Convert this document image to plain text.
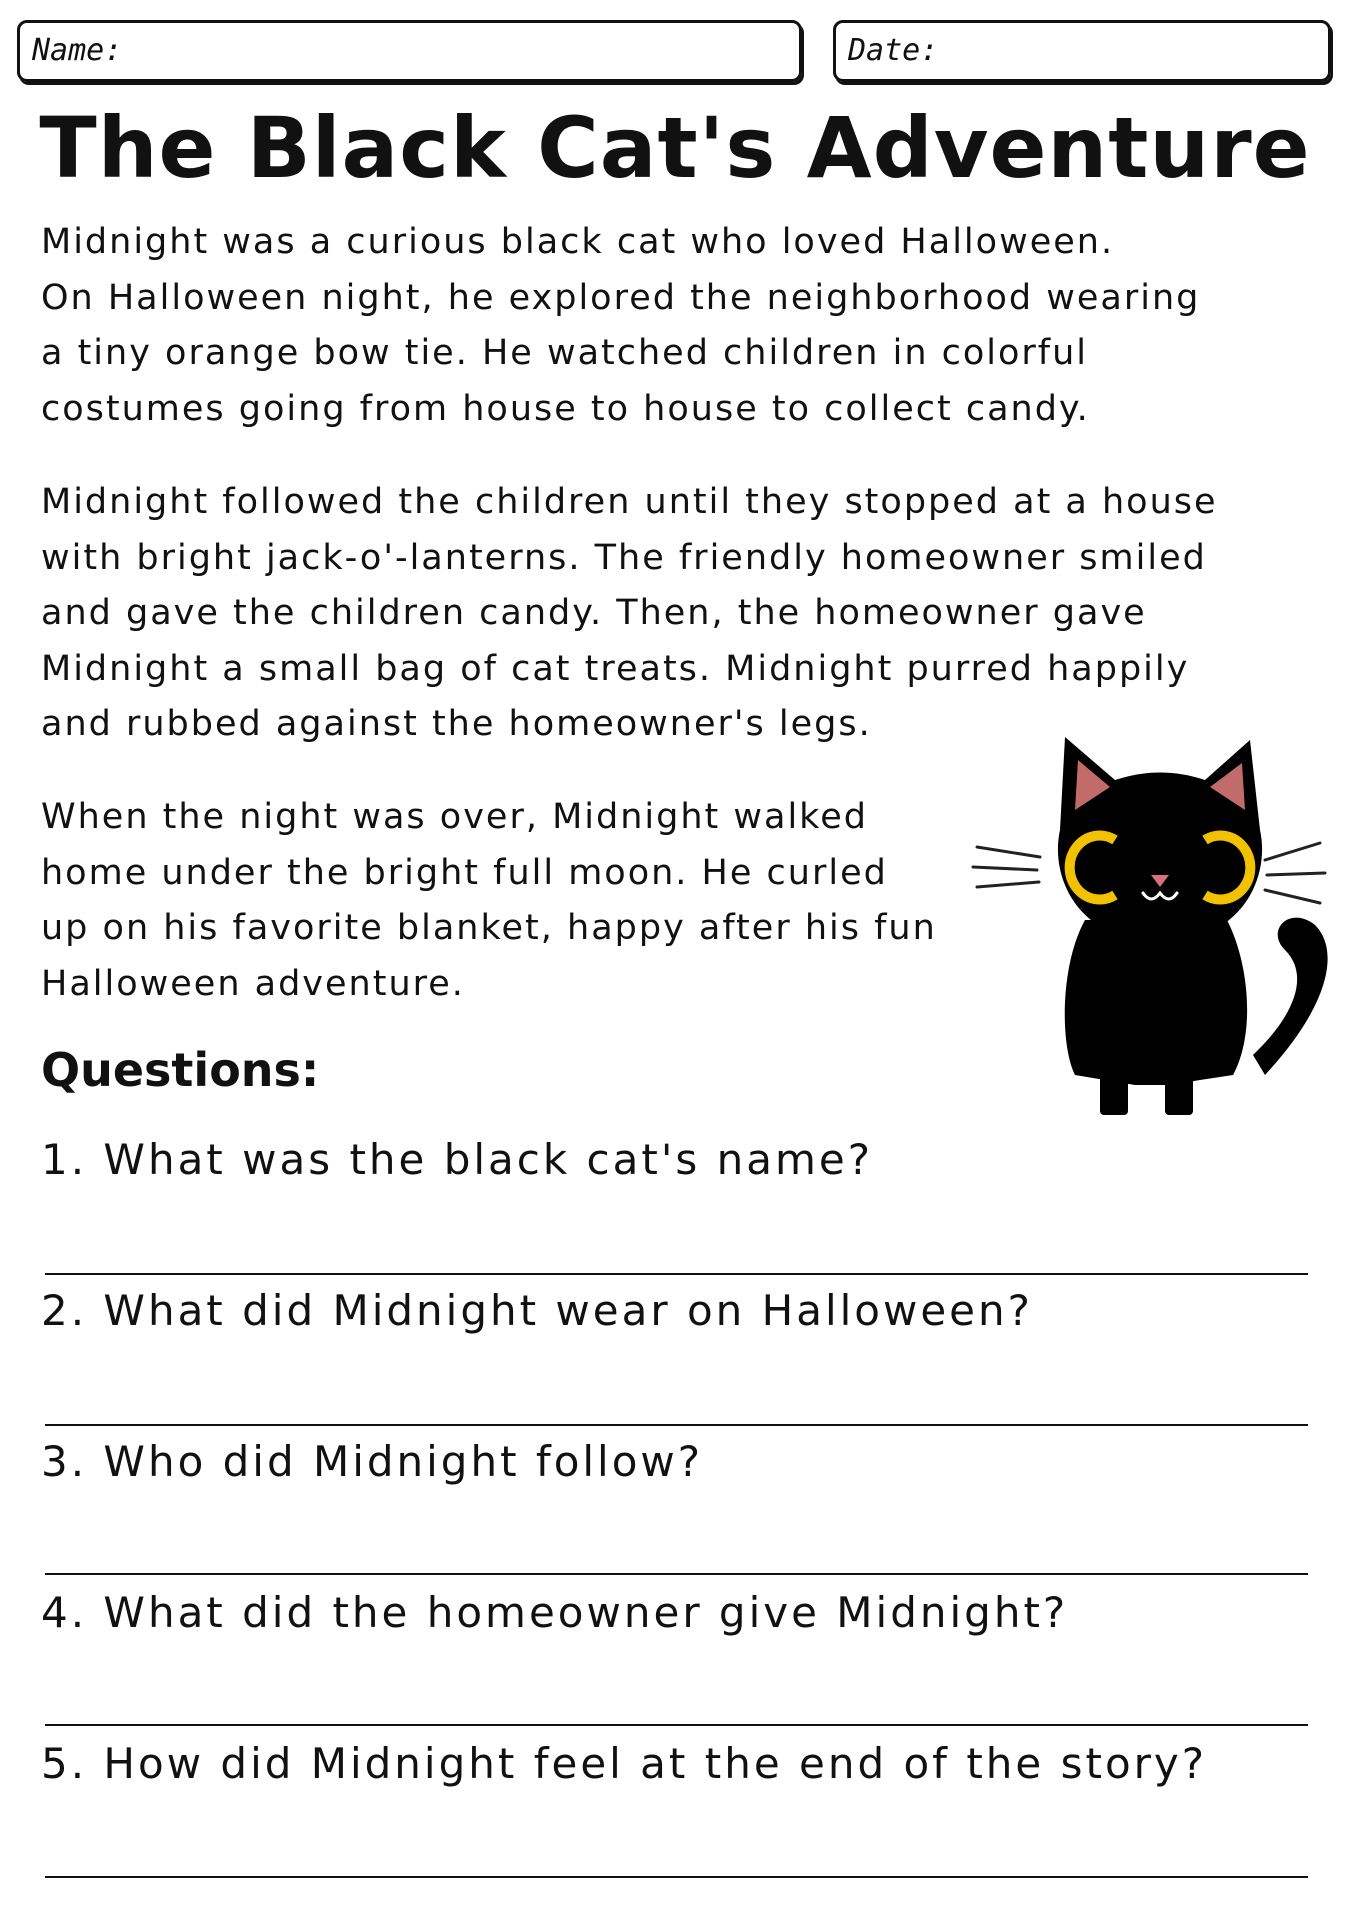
Name:	Date:
The Black Cat's Adventure
Midnight was a curious black cat who loved Halloween.
On Halloween night, he explored the neighborhood wearing
a tiny orange bow tie. He watched children in colorful
costumes going from house to house to collect candy.
Midnight followed the children until they stopped at a house
with bright jack-o'-lanterns. The friendly homeowner smiled
and gave the children candy. Then, the homeowner gave
Midnight a small bag of cat treats. Midnight purred happily
and rubbed against the homeowner's legs.
When the night was over, Midnight walked
home under the bright full moon. He curled
up on his favorite blanket, happy after his fun
Halloween adventure.
Questions:
1. What was the black cat's name?
2. What did Midnight wear on Halloween?
3. Who did Midnight follow?
4. What did the homeowner give Midnight?
5. How did Midnight feel at the end of the story?
